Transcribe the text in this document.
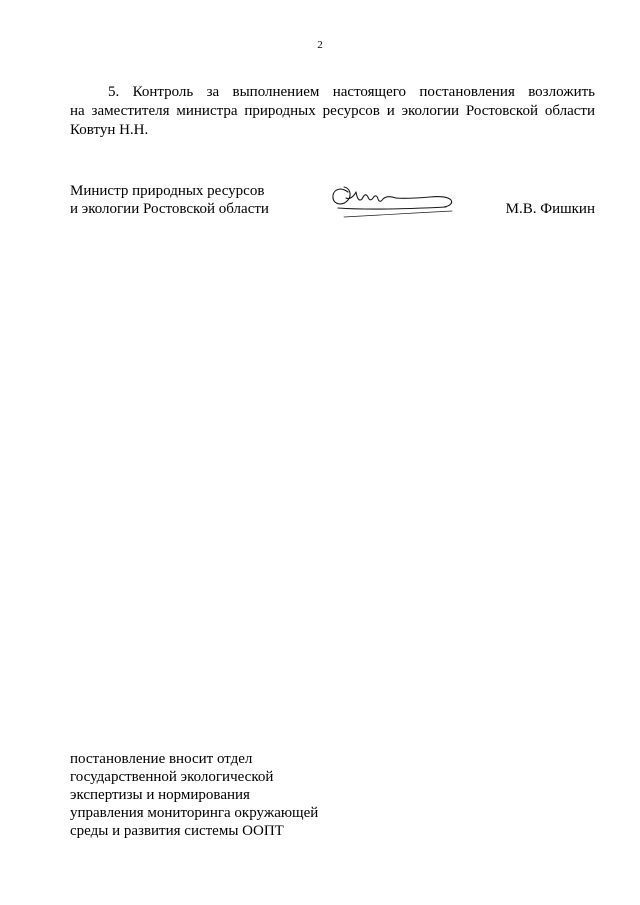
2
5. Контроль за выполнением настоящего постановления возложить
на заместителя министра природных ресурсов и экологии Ростовской области Ковтун Н.Н.
Министр природных ресурсов
и экологии Ростовской области	М.В. Фишкин
постановление вносит отдел
государственной экологической
экспертизы и нормирования
управления мониторинга окружающей
среды и развития системы ООПТ
